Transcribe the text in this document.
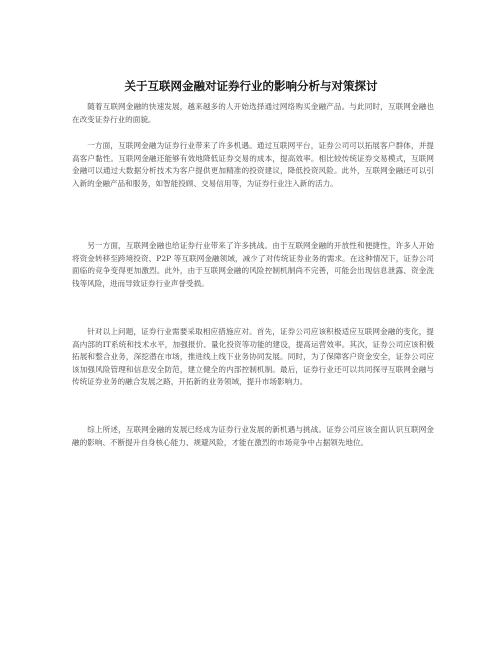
关于互联网金融对证券行业的影响分析与对策探讨

随着互联网金融的快速发展，越来越多的人开始选择通过网络购买金融产品。与此同时，互联网金融也在改变证券行业的面貌。

一方面，互联网金融为证券行业带来了许多机遇。通过互联网平台，证券公司可以拓展客户群体，并提高客户黏性。互联网金融还能够有效地降低证券交易的成本，提高效率。相比较传统证券交易模式，互联网金融可以通过大数据分析技术为客户提供更加精准的投资建议，降低投资风险。此外，互联网金融还可以引入新的金融产品和服务，如智能投顾、交易信用等，为证券行业注入新的活力。

另一方面，互联网金融也给证券行业带来了许多挑战。由于互联网金融的开放性和便捷性，许多人开始将资金转移至跨境投资、P2P 等互联网金融领域，减少了对传统证券业务的需求。在这种情况下，证券公司面临的竞争变得更加激烈。此外，由于互联网金融的风险控制机制尚不完善，可能会出现信息泄露、资金洗钱等风险，进而导致证券行业声誉受损。

针对以上问题，证券行业需要采取相应措施应对。首先，证券公司应该积极适应互联网金融的变化，提高内部的IT系统和技术水平，加强报价、量化投资等功能的建设，提高运营效率。其次，证券公司应该积极拓展和整合业务，深挖潜在市场，推进线上线下业务协同发展。同时，为了保障客户资金安全，证券公司应该加强风险管理和信息安全防范，建立健全的内部控制机制。最后，证券行业还可以共同探寻互联网金融与传统证券业务的融合发展之路，开拓新的业务领域，提升市场影响力。

综上所述，互联网金融的发展已经成为证券行业发展的新机遇与挑战。证券公司应该全面认识互联网金融的影响、不断提升自身核心能力、规避风险，才能在激烈的市场竞争中占据领先地位。
